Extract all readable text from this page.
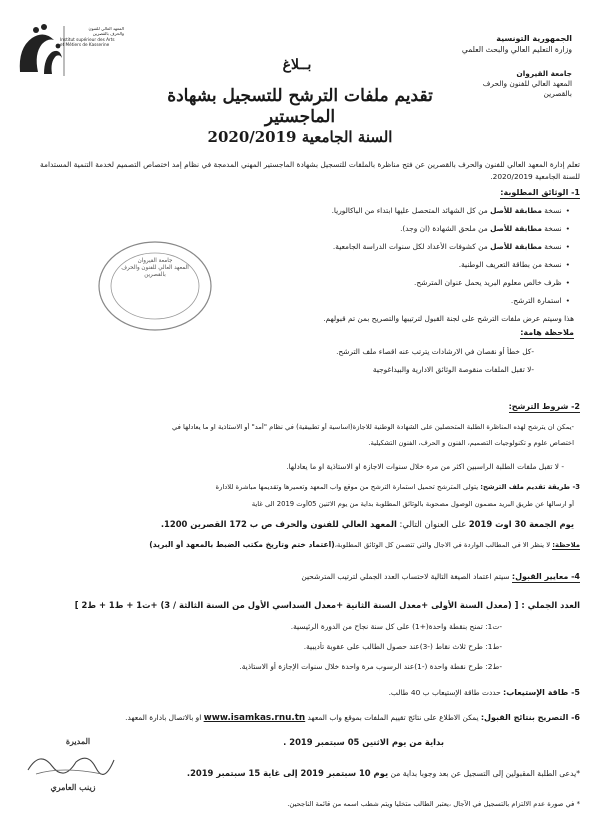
المعهد العالي للفنون
والحرف بالقصرين
Institut supérieur des Arts
et Métiers de Kasserine
الجمهورية التونسية
وزارة التعليم العالي والبحث العلمي
جامعة القيروان
المعهد العالي للفنون والحرف
بالقصرين
بــلاغ
تقديم ملفات الترشح للتسجيل بشهادة الماجستير
السنة الجامعية 2020/2019
تعلم إدارة المعهد العالي للفنون والحرف بالقصرين عن فتح مناظرة بالملفات للتسجيل بشهادة الماجستير المهني المدمجة في نظام إمد اختصاص التصميم لخدمة التنمية المستدامة
للسنة الجامعية 2020/2019.
1- الوثائق المطلوبة:
• نسخة مطابقة للأصل من كل الشهائد المتحصل عليها ابتداء من الباكالوريا.
• نسخة مطابقة للأصل من ملحق الشهادة (ان وجد).
• نسخة مطابقة للأصل من كشوفات الأعداد لكل سنوات الدراسة الجامعية.
• نسخة من بطاقة التعريف الوطنية.
• ظرف خالص معلوم البريد يحمل عنوان المترشح.
• استمارة الترشح.
هذا وسيتم عرض ملفات الترشح على لجنة القبول لترتيبها والتصريح بمن تم قبولهم.
ملاحظة هامة:
-كل خطأ أو نقصان في الارشادات يترتب عنه اقصاء ملف الترشح.
-لا تقبل الملفات منقوصة الوثائق الادارية والبيداغوجية
جامعة القيروان
المعهد العالي للفنون والحرف
بالقصرين
2- شروط الترشح:
-يمكن ان يترشح لهذه المناظرة الطلبة المتحصلين على الشهادة الوطنية للاجازة(اساسية أو تطبيقية) في نظام "أمد" أو الاستاذية او ما يعادلها في
اختصاص علوم و تكنولوجيات التصميم، الفنون و الحرف، الفنون التشكيلية.
- لا تقبل ملفات الطلبة الراسبين اكثر من مرة خلال سنوات الاجازة او الاستاذية او ما يعادلها.
3- طريقة تقديم ملف الترشح: يتولى المترشح تحميل استمارة الترشح من موقع واب المعهد وتعميرها وتقديمها مباشرة للادارة
أو ارسالها عن طريق البريد مضمون الوصول مصحوبة بالوثائق المطلوبة بداية من يوم الاثنين 05أوت 2019 الى غاية
يوم الجمعة 30 اوت 2019 على العنوان التالي: المعهد العالي للفنون والحرف ص ب 172 القصرين 1200.
ملاحظة: لا ينظر الا في المطالب الواردة في الاجال والتي تتضمن كل الوثائق المطلوبة،(اعتماد ختم وتاريخ مكتب الضبط بالمعهد أو البريد)
4- معايير القبول: سيتم اعتماد الصيغة التالية لاحتساب العدد الجملي لترتيب المترشحين
العدد الجملي : [ (معدل السنة الأولى +معدل السنة الثانية +معدل السداسي الأول من السنة الثالثة / 3) +ت1 + ط1 + ط2 ]
-ت1: تمنح بنقطة واحدة(+1) على كل سنة نجاح من الدورة الرئيسية.
-ط1: طرح ثلاث نقاط (-3)عند حصول الطالب على عقوبة تأديبية.
-ط2: طرح نقطة واحدة (-1)عند الرسوب مرة واحدة خلال سنوات الإجازة أو الاستاذية.
5- طاقة الإستيعاب: حددت طاقة الإستيعاب ب 40 طالب.
6- التصريح بنتائج القبول: يمكن الاطلاع على نتائج تقييم الملفات بموقع واب المعهد www.isamkas.rnu.tn او بالاتصال بادارة المعهد.
بداية من يوم الاثنين 05 سبتمبر 2019 .
*يدعى الطلبة المقبولين إلى التسجيل عن بعد وجوبا بداية من يوم 10 سبتمبر 2019 إلى غاية 15 سبتمبر 2019.
* في صورة عدم الالتزام بالتسجيل في الآجال ،يعتبر الطالب متخليا ويتم شطب اسمه من قائمة الناجحين.
المديرة
زينب العامري
